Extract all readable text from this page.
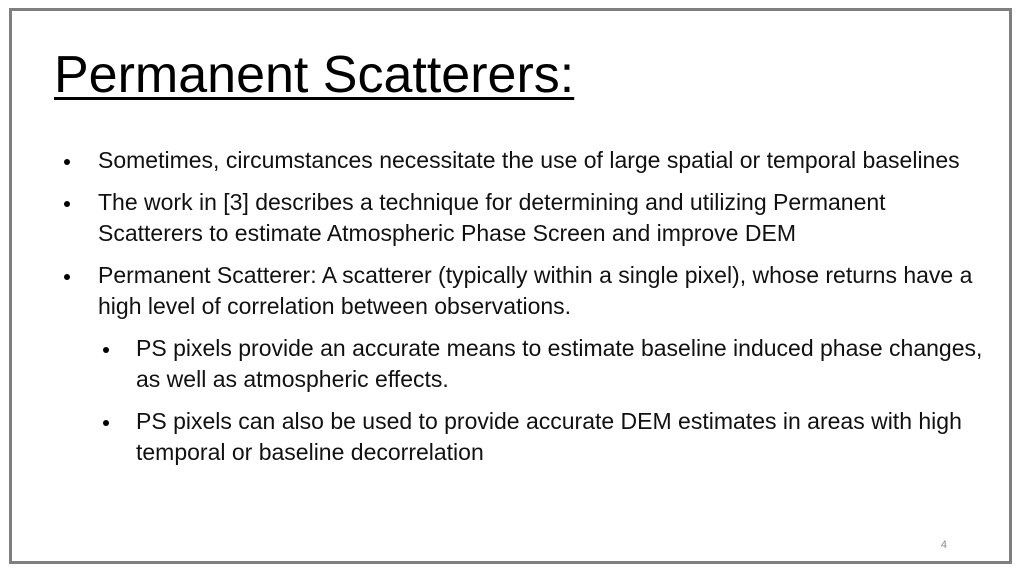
Permanent Scatterers:
Sometimes, circumstances necessitate the use of large spatial or temporal baselines
The work in [3] describes a technique for determining and utilizing Permanent Scatterers to estimate Atmospheric Phase Screen and improve DEM
Permanent Scatterer: A scatterer (typically within a single pixel), whose returns have a high level of correlation between observations.
PS pixels provide an accurate means to estimate baseline induced phase changes, as well as atmospheric effects.
PS pixels can also be used to provide accurate DEM estimates in areas with high temporal or baseline decorrelation
4
